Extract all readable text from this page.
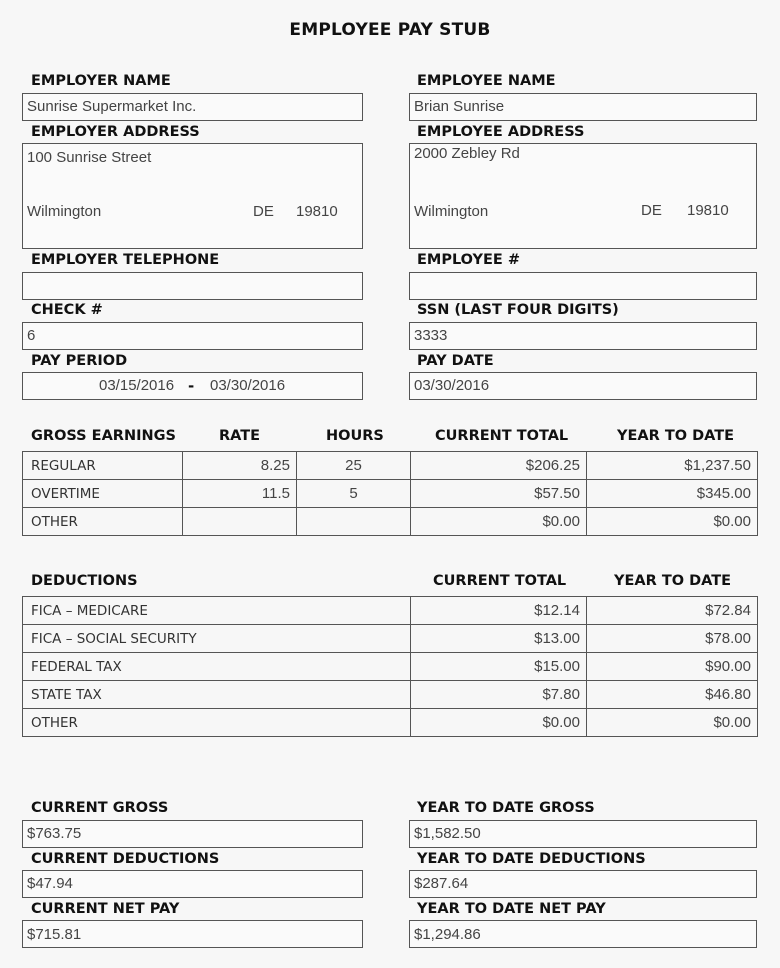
EMPLOYEE PAY STUB
EMPLOYER NAME
Sunrise Supermarket Inc.
EMPLOYER ADDRESS
100 Sunrise Street
Wilmington	DE 19810
EMPLOYER TELEPHONE
CHECK #
6
PAY PERIOD
03/15/2016 - 03/30/2016
EMPLOYEE NAME
Brian Sunrise
EMPLOYEE ADDRESS
2000 Zebley Rd
Wilmington	DE 19810
EMPLOYEE #
SSN (LAST FOUR DIGITS)
3333
PAY DATE
03/30/2016
GROSS EARNINGS	RATE	HOURS	CURRENT TOTAL	YEAR TO DATE
REGULAR	8.25	25	$206.25	$1,237.50
OVERTIME	11.5	5	$57.50	$345.00
OTHER			$0.00	$0.00
DEDUCTIONS	CURRENT TOTAL	YEAR TO DATE
FICA – MEDICARE	$12.14	$72.84
FICA – SOCIAL SECURITY	$13.00	$78.00
FEDERAL TAX	$15.00	$90.00
STATE TAX	$7.80	$46.80
OTHER	$0.00	$0.00
CURRENT GROSS
$763.75
CURRENT DEDUCTIONS
$47.94
CURRENT NET PAY
$715.81
YEAR TO DATE GROSS
$1,582.50
YEAR TO DATE DEDUCTIONS
$287.64
YEAR TO DATE NET PAY
$1,294.86
